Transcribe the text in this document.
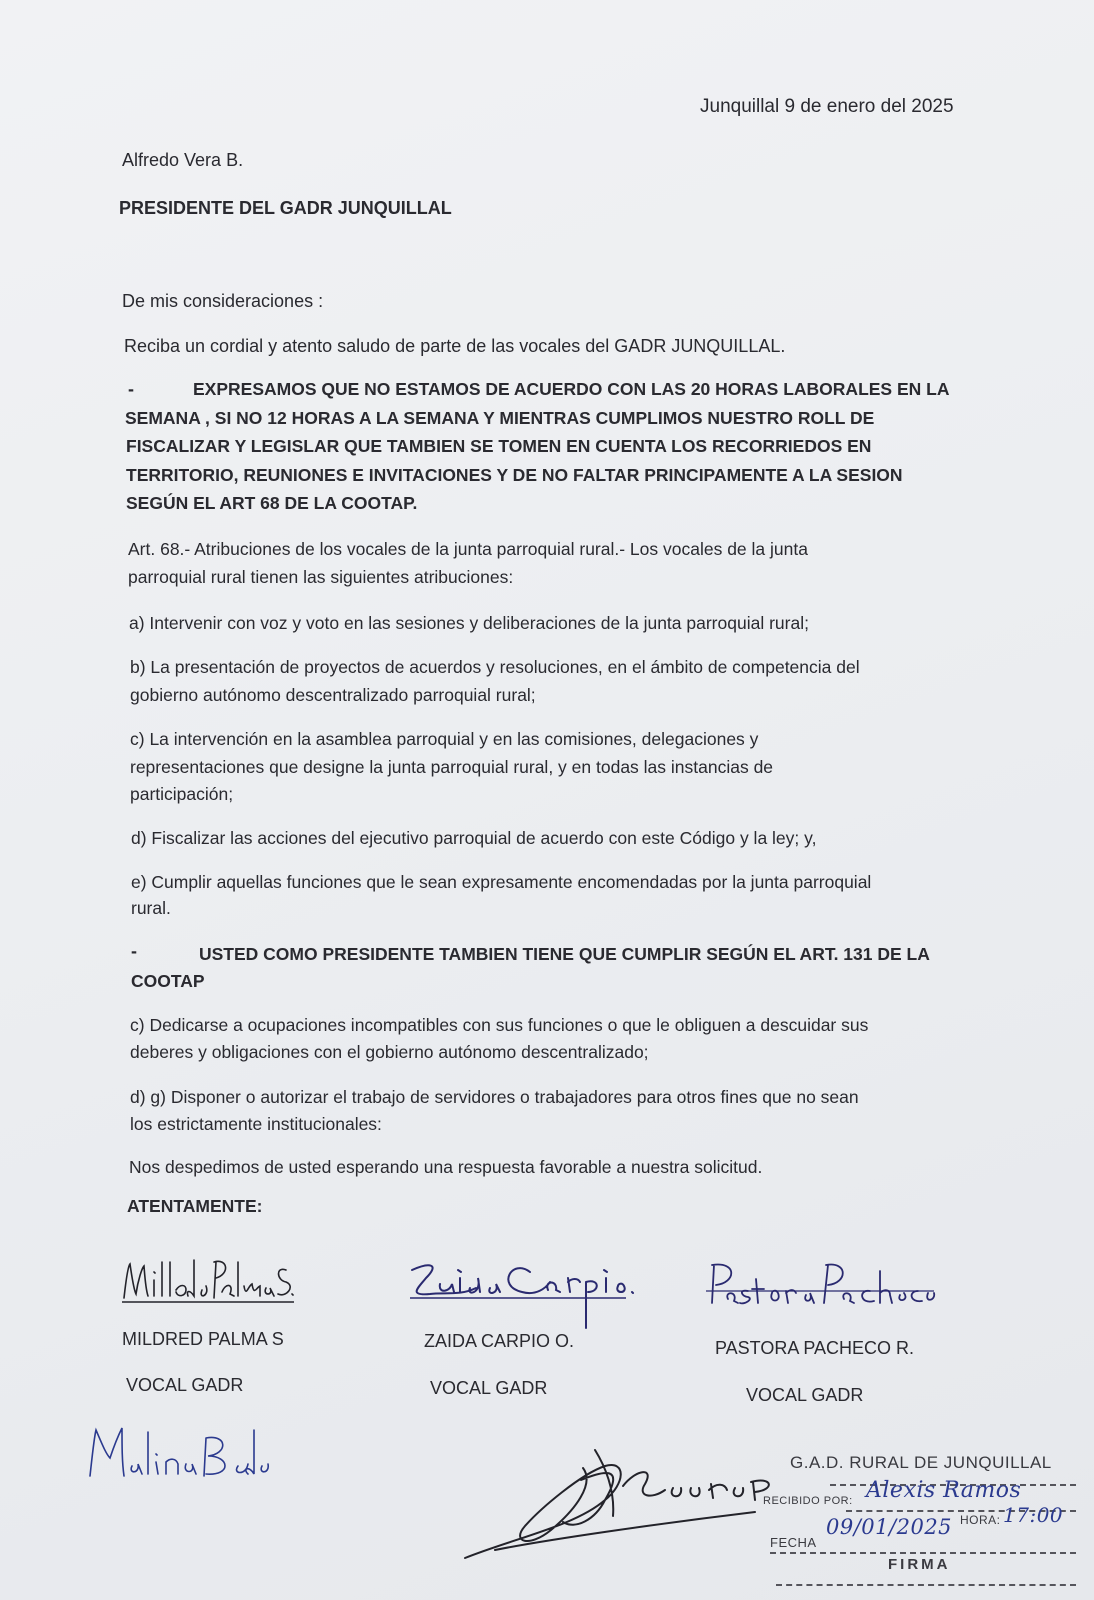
Junquillal 9 de enero del 2025
Alfredo Vera B.
PRESIDENTE DEL GADR JUNQUILLAL
De mis consideraciones :
Reciba un cordial y atento saludo de parte de las vocales del GADR JUNQUILLAL.
-	EXPRESAMOS QUE NO ESTAMOS DE ACUERDO CON LAS 20 HORAS LABORALES EN LA
SEMANA , SI NO 12 HORAS A LA SEMANA Y MIENTRAS CUMPLIMOS NUESTRO ROLL DE
FISCALIZAR Y LEGISLAR QUE TAMBIEN SE TOMEN EN CUENTA LOS RECORRIEDOS EN
TERRITORIO, REUNIONES E INVITACIONES Y DE NO FALTAR PRINCIPAMENTE A LA SESION
SEGÚN EL ART 68 DE LA COOTAP.
Art. 68.- Atribuciones de los vocales de la junta parroquial rural.- Los vocales de la junta
parroquial rural tienen las siguientes atribuciones:
a) Intervenir con voz y voto en las sesiones y deliberaciones de la junta parroquial rural;
b) La presentación de proyectos de acuerdos y resoluciones, en el ámbito de competencia del
gobierno autónomo descentralizado parroquial rural;
c) La intervención en la asamblea parroquial y en las comisiones, delegaciones y
representaciones que designe la junta parroquial rural, y en todas las instancias de
participación;
d) Fiscalizar las acciones del ejecutivo parroquial de acuerdo con este Código y la ley; y,
e) Cumplir aquellas funciones que le sean expresamente encomendadas por la junta parroquial
rural.
-	USTED COMO PRESIDENTE TAMBIEN TIENE QUE CUMPLIR SEGÚN EL ART. 131 DE LA
COOTAP
c) Dedicarse a ocupaciones incompatibles con sus funciones o que le obliguen a descuidar sus
deberes y obligaciones con el gobierno autónomo descentralizado;
d) g) Disponer o autorizar el trabajo de servidores o trabajadores para otros fines que no sean
los estrictamente institucionales:
Nos despedimos de usted esperando una respuesta favorable a nuestra solicitud.
ATENTAMENTE:
MILDRED PALMA S
VOCAL GADR
ZAIDA CARPIO O.
VOCAL GADR
PASTORA PACHECO R.
VOCAL GADR
G.A.D. RURAL DE JUNQUILLAL
RECIBIDO POR: Alexis Ramos
FECHA
09/01/2025 HORA: 17:00
FIRMA
